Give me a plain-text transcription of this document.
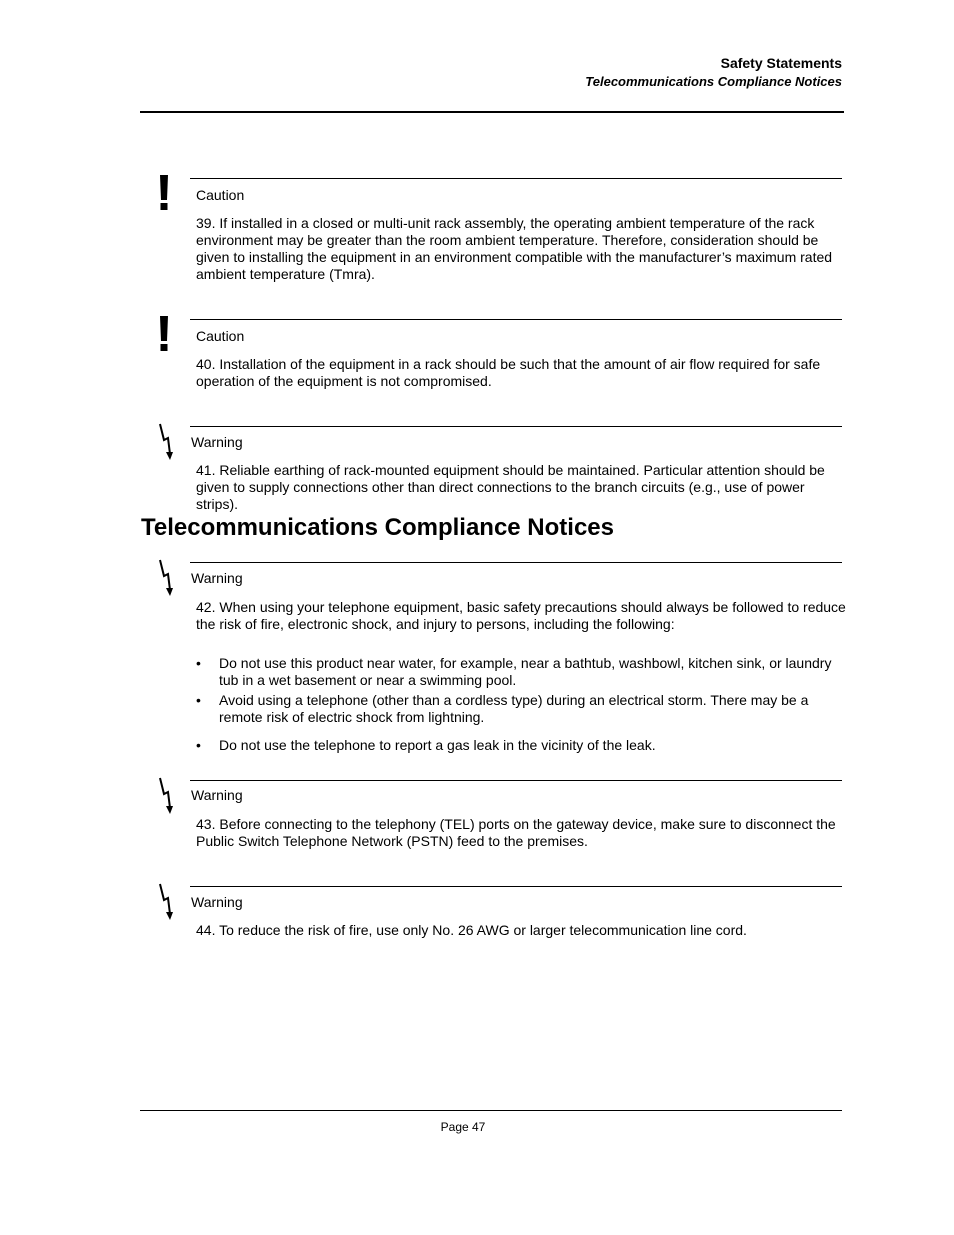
Safety Statements
Telecommunications Compliance Notices
Caution
39. If installed in a closed or multi-unit rack assembly, the operating ambient temperature of the rack environment may be greater than the room ambient temperature. Therefore, consideration should be given to installing the equipment in an environment compatible with the manufacturer’s maximum rated ambient temperature (Tmra).
Caution
40. Installation of the equipment in a rack should be such that the amount of air flow required for safe operation of the equipment is not compromised.
Warning
41. Reliable earthing of rack-mounted equipment should be maintained. Particular attention should be given to supply connections other than direct connections to the branch circuits (e.g., use of power strips).
Telecommunications Compliance Notices
Warning
42. When using your telephone equipment, basic safety precautions should always be followed to reduce the risk of fire, electronic shock, and injury to persons, including the following:
• Do not use this product near water, for example, near a bathtub, washbowl, kitchen sink, or laundry tub in a wet basement or near a swimming pool.
• Avoid using a telephone (other than a cordless type) during an electrical storm. There may be a remote risk of electric shock from lightning.
• Do not use the telephone to report a gas leak in the vicinity of the leak.
Warning
43. Before connecting to the telephony (TEL) ports on the gateway device, make sure to disconnect the Public Switch Telephone Network (PSTN) feed to the premises.
Warning
44. To reduce the risk of fire, use only No. 26 AWG or larger telecommunication line cord.
Page 47
